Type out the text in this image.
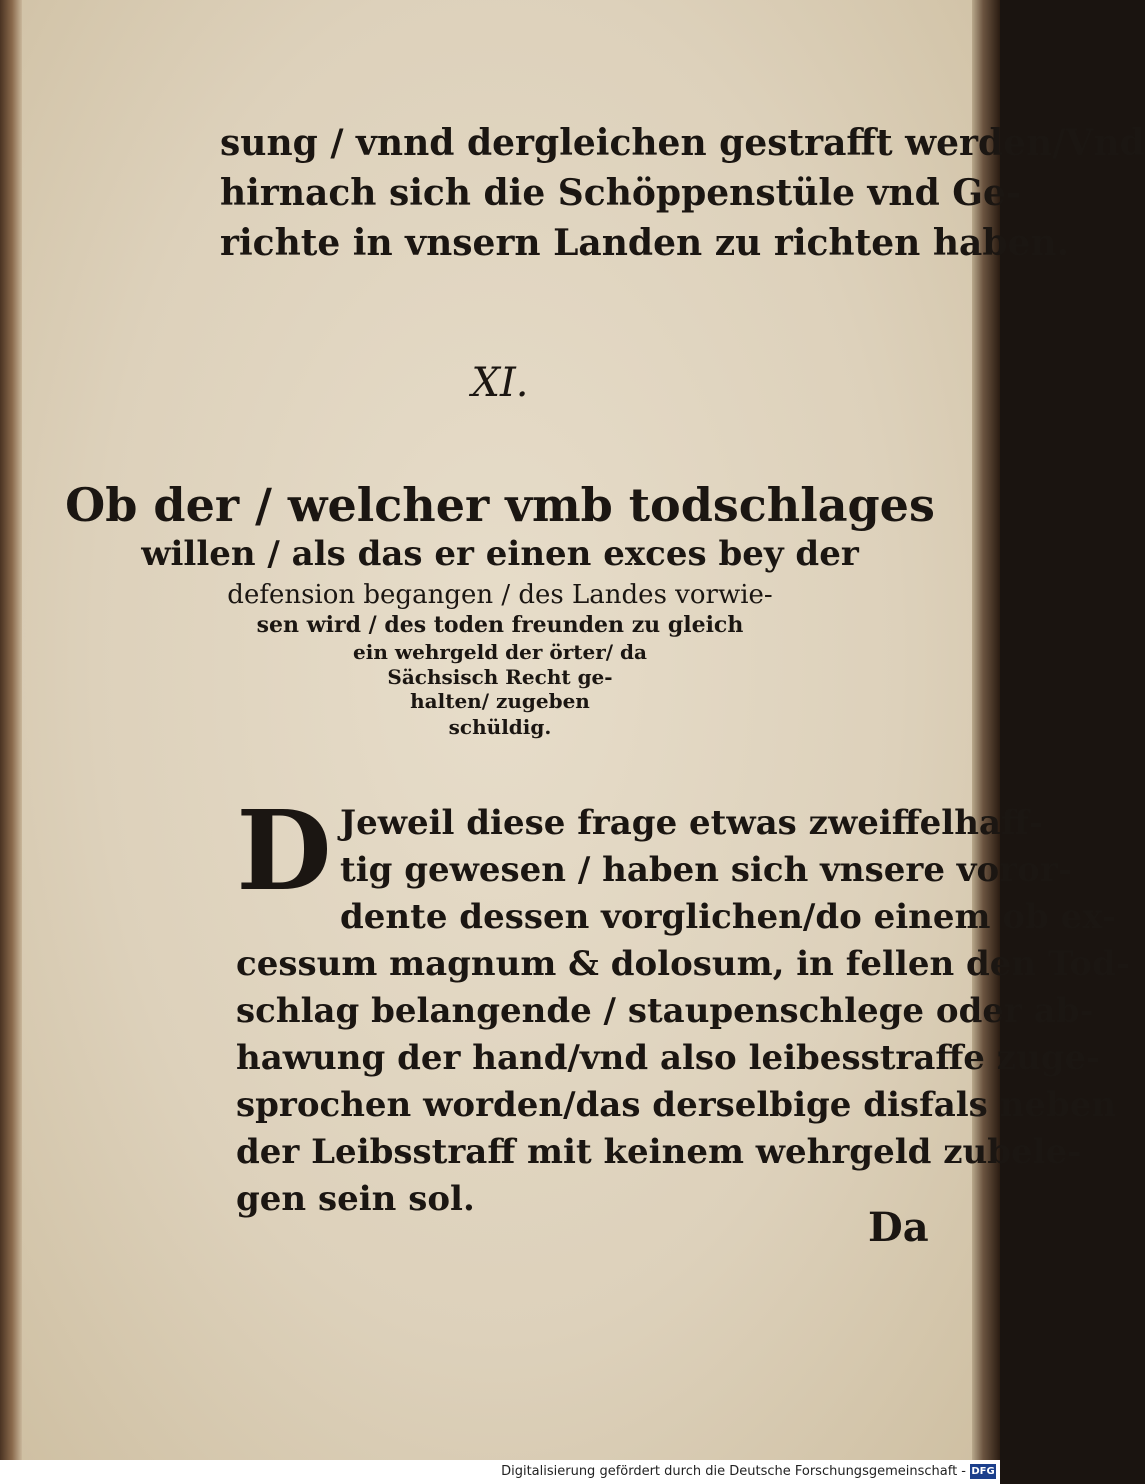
sung / vnnd dergleichen gestrafft werden/Vnd
hirnach sich die Schöppenstüle vnd Ge-
richte in vnsern Landen zu richten haben.
XI.
Ob der / welcher vmb todschlages
willen / als das er einen exces bey der
defension begangen / des Landes vorwie-
sen wird / des toden freunden zu gleich
ein wehrgeld der örter/ da
Sächsisch Recht ge-
halten/ zugeben
schüldig.
D Jeweil diese frage etwas zweiffelhaff-
tig gewesen / haben sich vnsere voror-
dente dessen vorglichen/do einem ob ex-
cessum magnum & dolosum, in fellen den Tod-
schlag belangende / staupenschlege oder ab-
hawung der hand/vnd also leibesstraffe zuge-
sprochen worden/das derselbige disfals neben
der Leibsstraff mit keinem wehrgeld zubele-
gen sein sol.
Da
Digitalisierung gefördert durch die Deutsche Forschungsgemeinschaft - DFG
